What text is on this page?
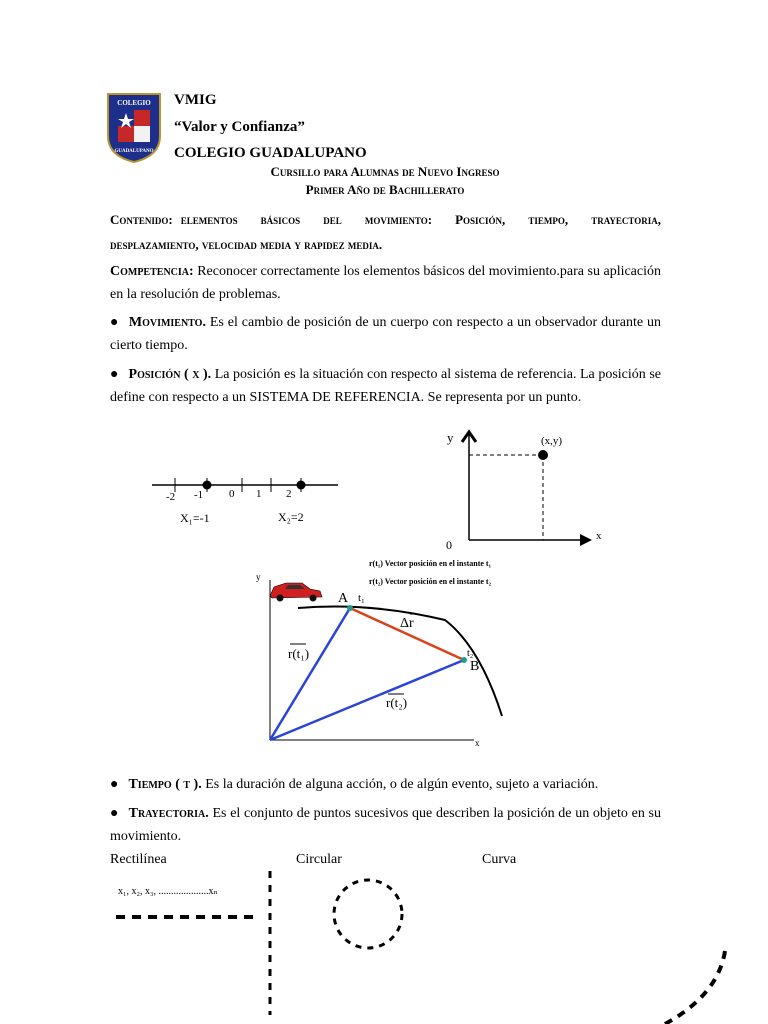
COLEGIO
GUADALUPANO
VMIG
“Valor y Confianza”
COLEGIO GUADALUPANO
Cursillo para Alumnas de Nuevo Ingreso
Primer Año de Bachillerato
Contenido: elementos básicos del movimiento: Posición, tiempo, trayectoria,
desplazamiento, velocidad media y rapidez media.
Competencia: Reconocer correctamente los elementos básicos del movimiento.para su aplicación en la resolución de problemas.
● Movimiento. Es el cambio de posición de un cuerpo con respecto a un observador durante un cierto tiempo.
● Posición ( x ). La posición es la situación con respecto al sistema de referencia. La posición se define con respecto a un SISTEMA DE REFERENCIA. Se representa por un punto.
-2 -1 0 1 2
X₁=-1	X₂=2
y
x
0
(x,y)
r(t₁) Vector posición en el instante t₁
r(t₂) Vector posición en el instante t₂
y
x
A t₁
t₂
B
Δr
r(t₁)
r(t₂)
● Tiempo ( t ). Es la duración de alguna acción, o de algún evento, sujeto a variación.
● Trayectoria. Es el conjunto de puntos sucesivos que describen la posición de un objeto en su movimiento.
Rectilínea	Circular	Curva
x₁, x₂, x₃, ....................xₙ
